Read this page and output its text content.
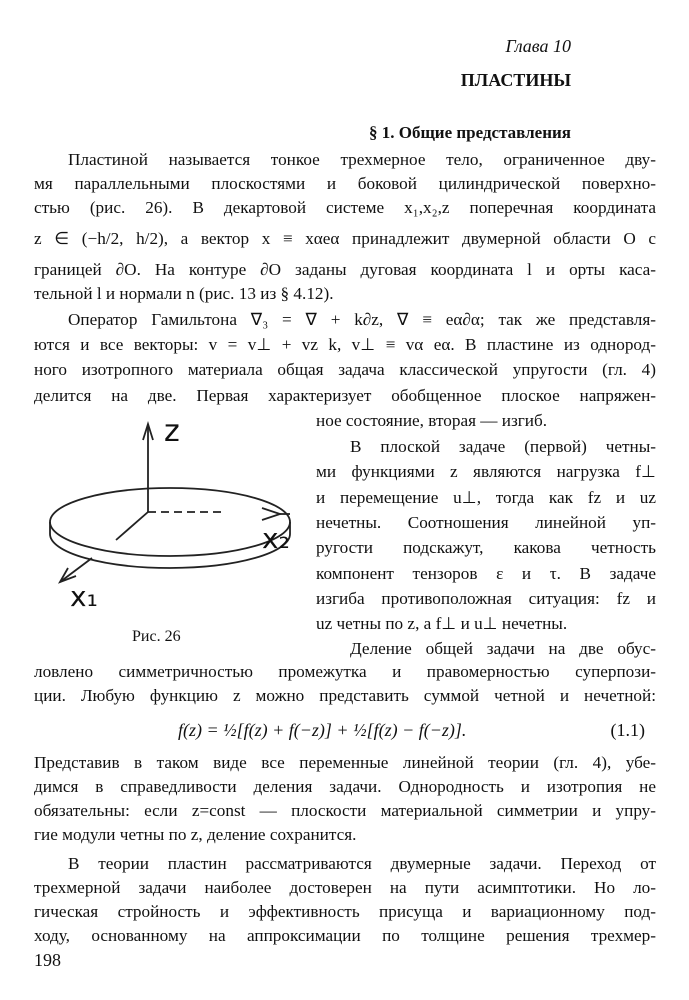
Глава 10
ПЛАСТИНЫ
§ 1. Общие представления
Пластиной называется тонкое трехмерное тело, ограниченное дву-
мя параллельными плоскостями и боковой цилиндрической поверхно-
стью (рис. 26). В декартовой системе x₁,x₂,z поперечная координата
z ∈ (−h/2, h/2), а вектор x ≡ xαeα принадлежит двумерной области O с
границей ∂O. На контуре ∂O заданы дуговая координата l и орты каса-
тельной l и нормали n (рис. 13 из § 4.12).
Оператор Гамильтона ∇₃ = ∇ + k∂z, ∇ ≡ eα∂α; так же представля-
ются и все векторы: v = v⊥ + vz k, v⊥ ≡ vα eα. В пластине из однород-
ного изотропного материала общая задача классической упругости (гл. 4)
делится на две. Первая характеризует обобщенное плоское напряжен-
ное состояние, вторая — изгиб.
z
x₂
x₁
Рис. 26
В плоской задаче (первой) четны-
ми функциями z являются нагрузка f⊥
и перемещение u⊥, тогда как fz и uz
нечетны. Соотношения линейной уп-
ругости подскажут, какова четность
компонент тензоров ε и τ. В задаче
изгиба противоположная ситуация: fz и
uz четны по z, а f⊥ и u⊥ нечетны.
Деление общей задачи на две обус-
ловлено симметричностью промежутка и правомерностью суперпози-
ции. Любую функцию z можно представить суммой четной и нечетной:
f(z) = ½[f(z) + f(−z)] + ½[f(z) − f(−z)].	(1.1)
Представив в таком виде все переменные линейной теории (гл. 4), убе-
димся в справедливости деления задачи. Однородность и изотропия не
обязательны: если z=const — плоскости материальной симметрии и упру-
гие модули четны по z, деление сохранится.
В теории пластин рассматриваются двумерные задачи. Переход от
трехмерной задачи наиболее достоверен на пути асимптотики. Но ло-
гическая стройность и эффективность присуща и вариационному под-
ходу, основанному на аппроксимации по толщине решения трехмер-
198
